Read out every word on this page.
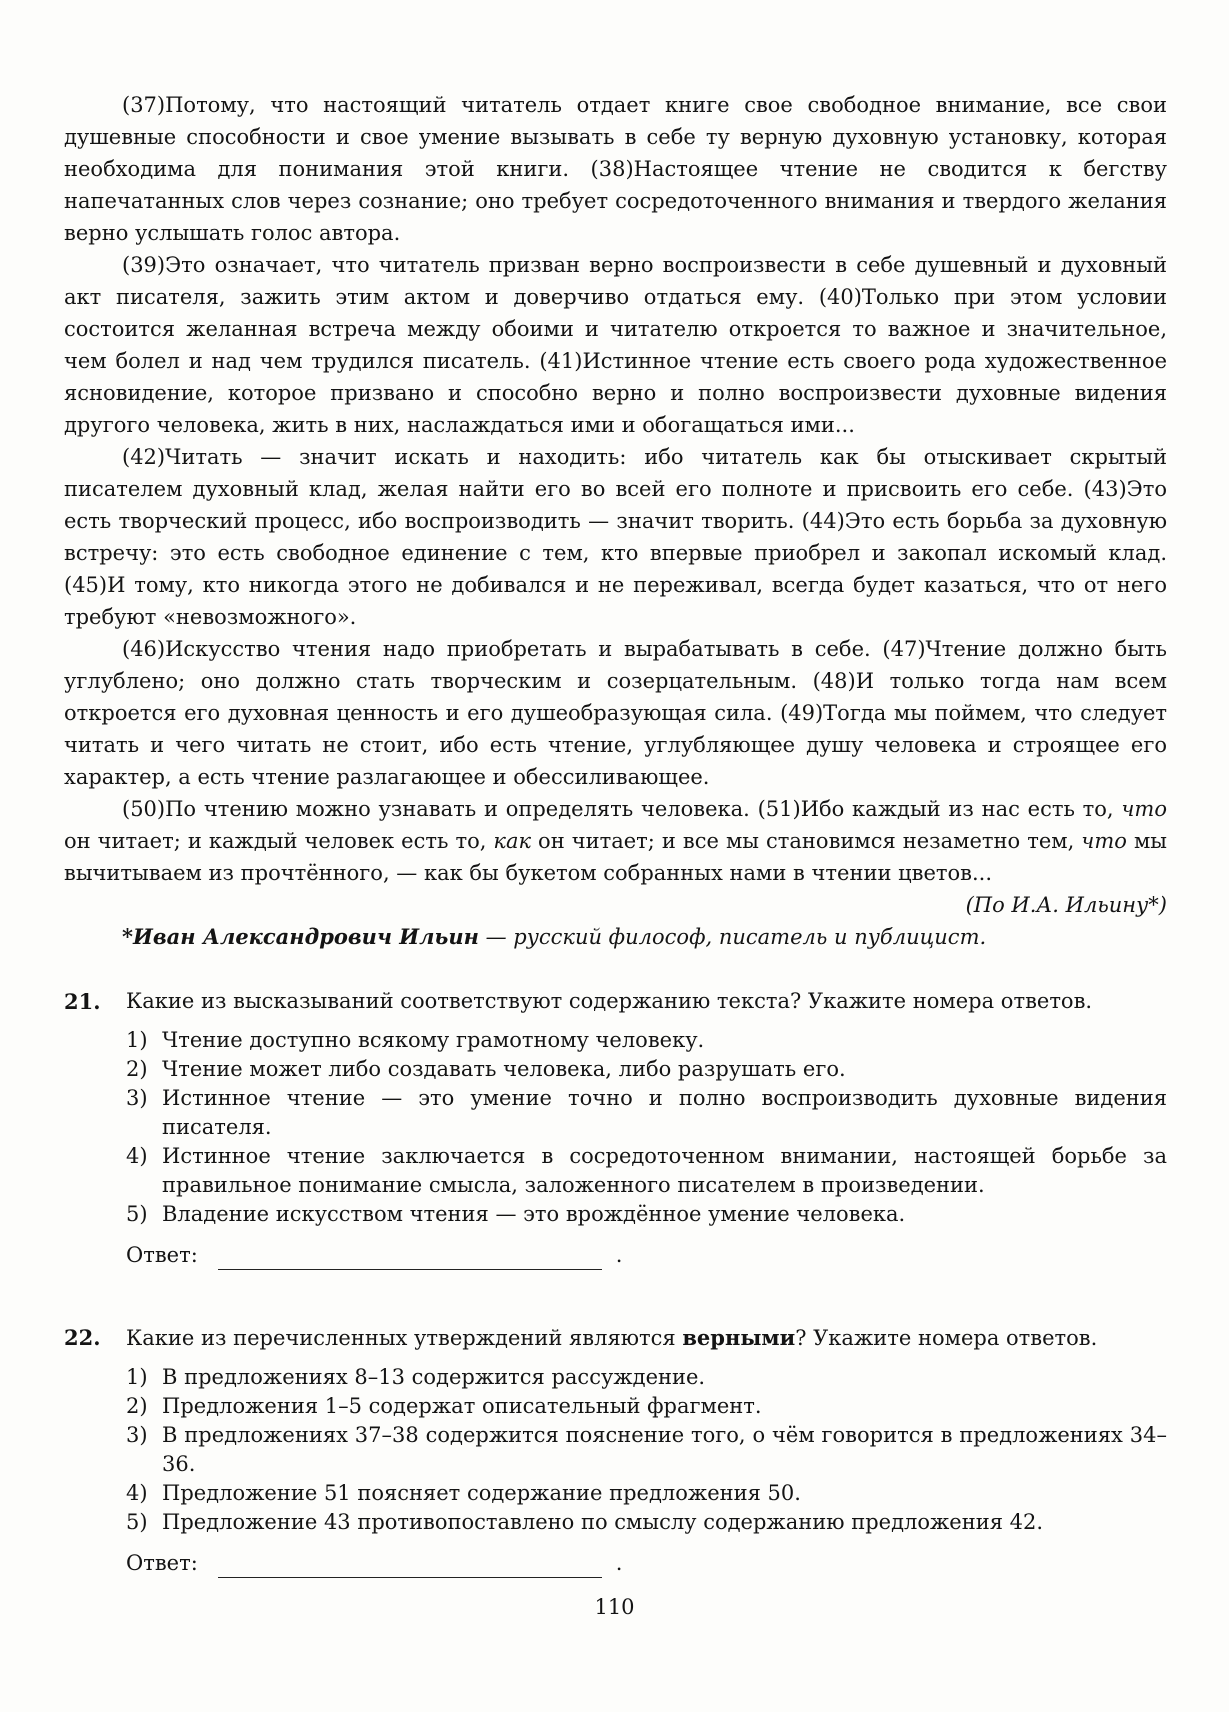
(37)Потому, что настоящий читатель отдает книге свое свободное внимание, все свои душевные способности и свое умение вызывать в себе ту верную духовную установку, которая необходима для понимания этой книги. (38)Настоящее чтение не сводится к бегству напечатанных слов через сознание; оно требует сосредоточенного внимания и твердого желания верно услышать голос автора.

(39)Это означает, что читатель призван верно воспроизвести в себе душевный и духовный акт писателя, зажить этим актом и доверчиво отдаться ему. (40)Только при этом условии состоится желанная встреча между обоими и читателю откроется то важное и значительное, чем болел и над чем трудился писатель. (41)Истинное чтение есть своего рода художественное ясновидение, которое призвано и способно верно и полно воспроизвести духовные видения другого человека, жить в них, наслаждаться ими и обогащаться ими...

(42)Читать — значит искать и находить: ибо читатель как бы отыскивает скрытый писателем духовный клад, желая найти его во всей его полноте и присвоить его себе. (43)Это есть творческий процесс, ибо воспроизводить — значит творить. (44)Это есть борьба за духовную встречу: это есть свободное единение с тем, кто впервые приобрел и закопал искомый клад. (45)И тому, кто никогда этого не добивался и не переживал, всегда будет казаться, что от него требуют «невозможного».

(46)Искусство чтения надо приобретать и вырабатывать в себе. (47)Чтение должно быть углублено; оно должно стать творческим и созерцательным. (48)И только тогда нам всем откроется его духовная ценность и его душеобразующая сила. (49)Тогда мы поймем, что следует читать и чего читать не стоит, ибо есть чтение, углубляющее душу человека и строящее его характер, а есть чтение разлагающее и обессиливающее.

(50)По чтению можно узнавать и определять человека. (51)Ибо каждый из нас есть то, что он читает; и каждый человек есть то, как он читает; и все мы становимся незаметно тем, что мы вычитываем из прочтённого, — как бы букетом собранных нами в чтении цветов...

(По И.А. Ильину*)
*Иван Александрович Ильин — русский философ, писатель и публицист.
21.	Какие из высказываний соответствуют содержанию текста? Укажите номера ответов.
1) Чтение доступно всякому грамотному человеку.
2) Чтение может либо создавать человека, либо разрушать его.
3) Истинное чтение — это умение точно и полно воспроизводить духовные видения писателя.
4) Истинное чтение заключается в сосредоточенном внимании, настоящей борьбе за правильное понимание смысла, заложенного писателем в произведении.
5) Владение искусством чтения — это врождённое умение человека.
Ответ:	.
22.	Какие из перечисленных утверждений являются верными? Укажите номера ответов.
1) В предложениях 8–13 содержится рассуждение.
2) Предложения 1–5 содержат описательный фрагмент.
3) В предложениях 37–38 содержится пояснение того, о чём говорится в предложениях 34–36.
4) Предложение 51 поясняет содержание предложения 50.
5) Предложение 43 противопоставлено по смыслу содержанию предложения 42.
Ответ:	.
110
